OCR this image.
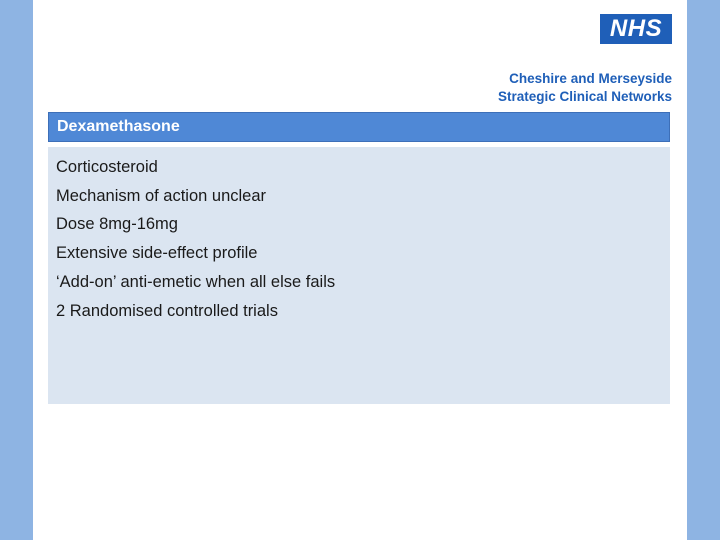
NHS
Cheshire and Merseyside
Strategic Clinical Networks
Dexamethasone
Corticosteroid
Mechanism of action unclear
Dose 8mg-16mg
Extensive side-effect profile
‘Add-on’ anti-emetic when all else fails
2 Randomised controlled trials
